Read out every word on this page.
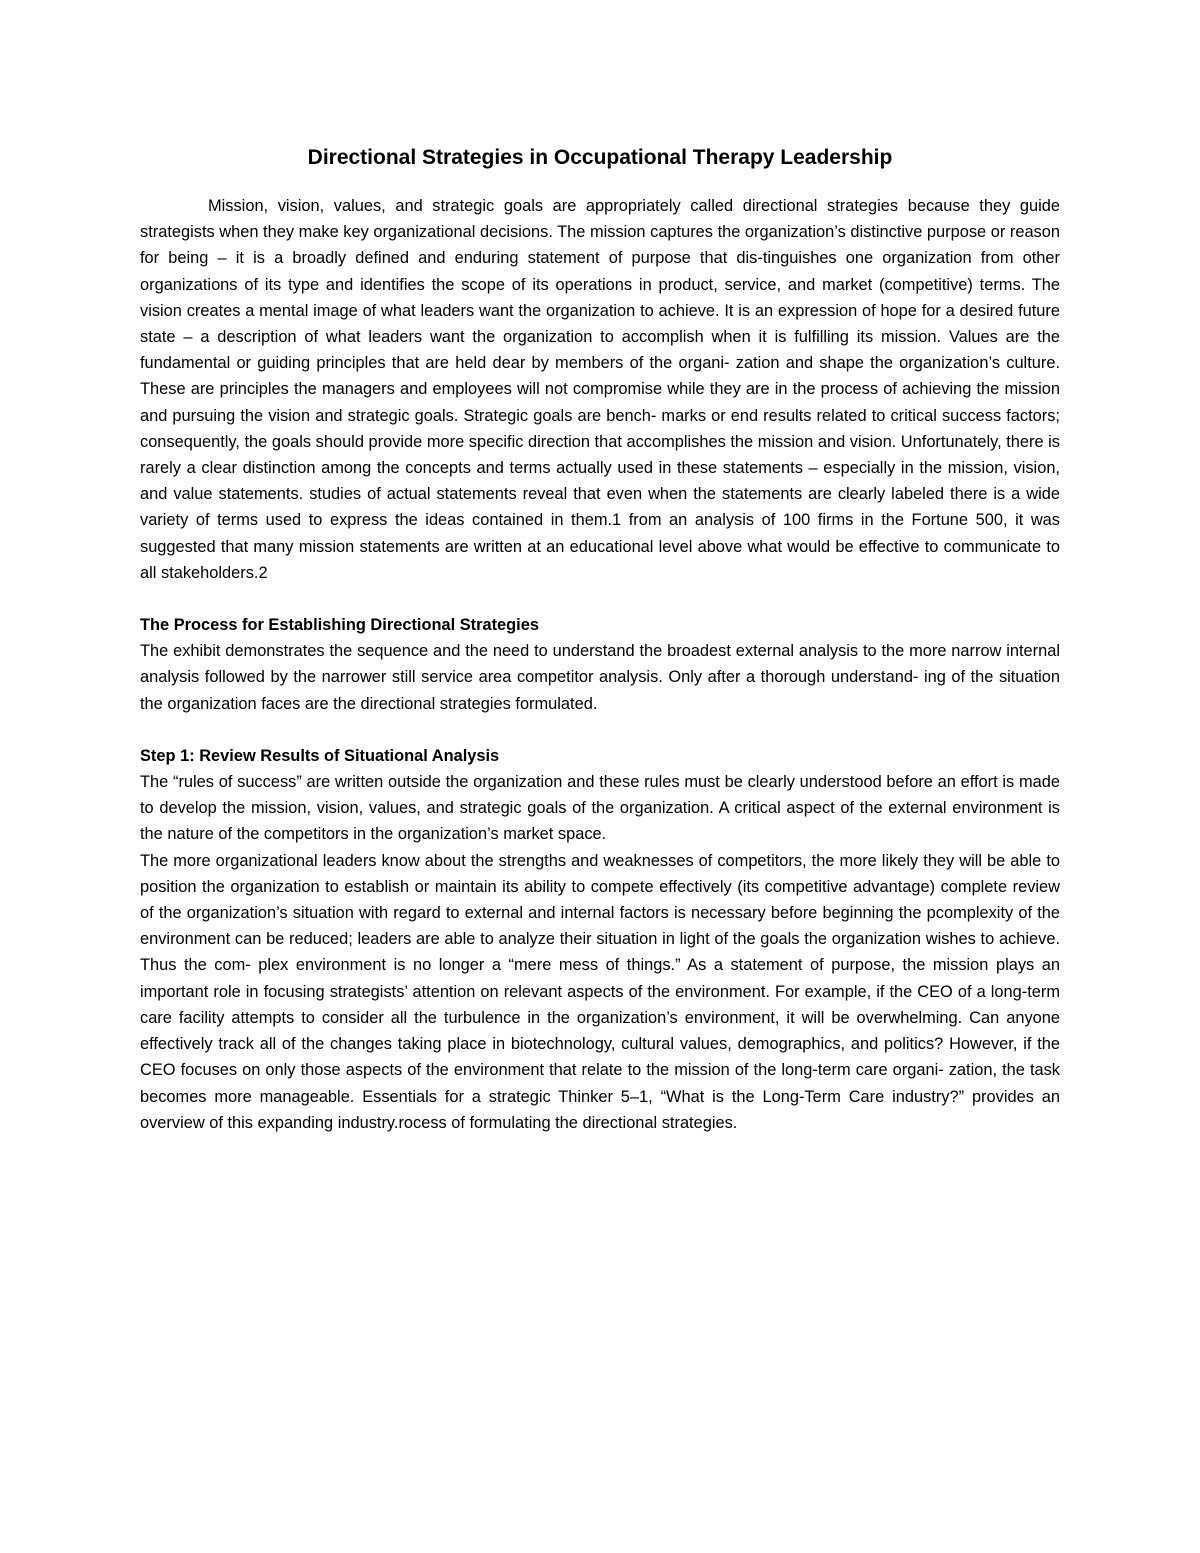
Directional Strategies in Occupational Therapy Leadership

Mission, vision, values, and strategic goals are appropriately called directional strategies because they guide strategists when they make key organizational decisions. The mission captures the organization’s distinctive purpose or reason for being – it is a broadly defined and enduring statement of purpose that dis-tinguishes one organization from other organizations of its type and identifies the scope of its operations in product, service, and market (competitive) terms. The vision creates a mental image of what leaders want the organization to achieve. It is an expression of hope for a desired future state – a description of what leaders want the organization to accomplish when it is fulfilling its mission. Values are the fundamental or guiding principles that are held dear by members of the organi- zation and shape the organization’s culture. These are principles the managers and employees will not compromise while they are in the process of achieving the mission and pursuing the vision and strategic goals. Strategic goals are bench- marks or end results related to critical success factors; consequently, the goals should provide more specific direction that accomplishes the mission and vision. Unfortunately, there is rarely a clear distinction among the concepts and terms actually used in these statements – especially in the mission, vision, and value statements. studies of actual statements reveal that even when the statements are clearly labeled there is a wide variety of terms used to express the ideas contained in them.1 from an analysis of 100 firms in the Fortune 500, it was suggested that many mission statements are written at an educational level above what would be effective to communicate to all stakeholders.2

The Process for Establishing Directional Strategies

The exhibit demonstrates the sequence and the need to understand the broadest external analysis to the more narrow internal analysis followed by the narrower still service area competitor analysis. Only after a thorough understand- ing of the situation the organization faces are the directional strategies formulated.

Step 1: Review Results of Situational Analysis

The “rules of success” are written outside the organization and these rules must be clearly understood before an effort is made to develop the mission, vision, values, and strategic goals of the organization. A critical aspect of the external environment is the nature of the competitors in the organization’s market space.

The more organizational leaders know about the strengths and weaknesses of competitors, the more likely they will be able to position the organization to establish or maintain its ability to compete effectively (its competitive advantage) complete review of the organization’s situation with regard to external and internal factors is necessary before beginning the pcomplexity of the environment can be reduced; leaders are able to analyze their situation in light of the goals the organization wishes to achieve. Thus the com- plex environment is no longer a “mere mess of things.” As a statement of purpose, the mission plays an important role in focusing strategists’ attention on relevant aspects of the environment. For example, if the CEO of a long-term care facility attempts to consider all the turbulence in the organization’s environment, it will be overwhelming. Can anyone effectively track all of the changes taking place in biotechnology, cultural values, demographics, and politics? However, if the CEO focuses on only those aspects of the environment that relate to the mission of the long-term care organi- zation, the task becomes more manageable. Essentials for a strategic Thinker 5–1, “What is the Long-Term Care industry?” provides an overview of this expanding industry.rocess of formulating the directional strategies.
